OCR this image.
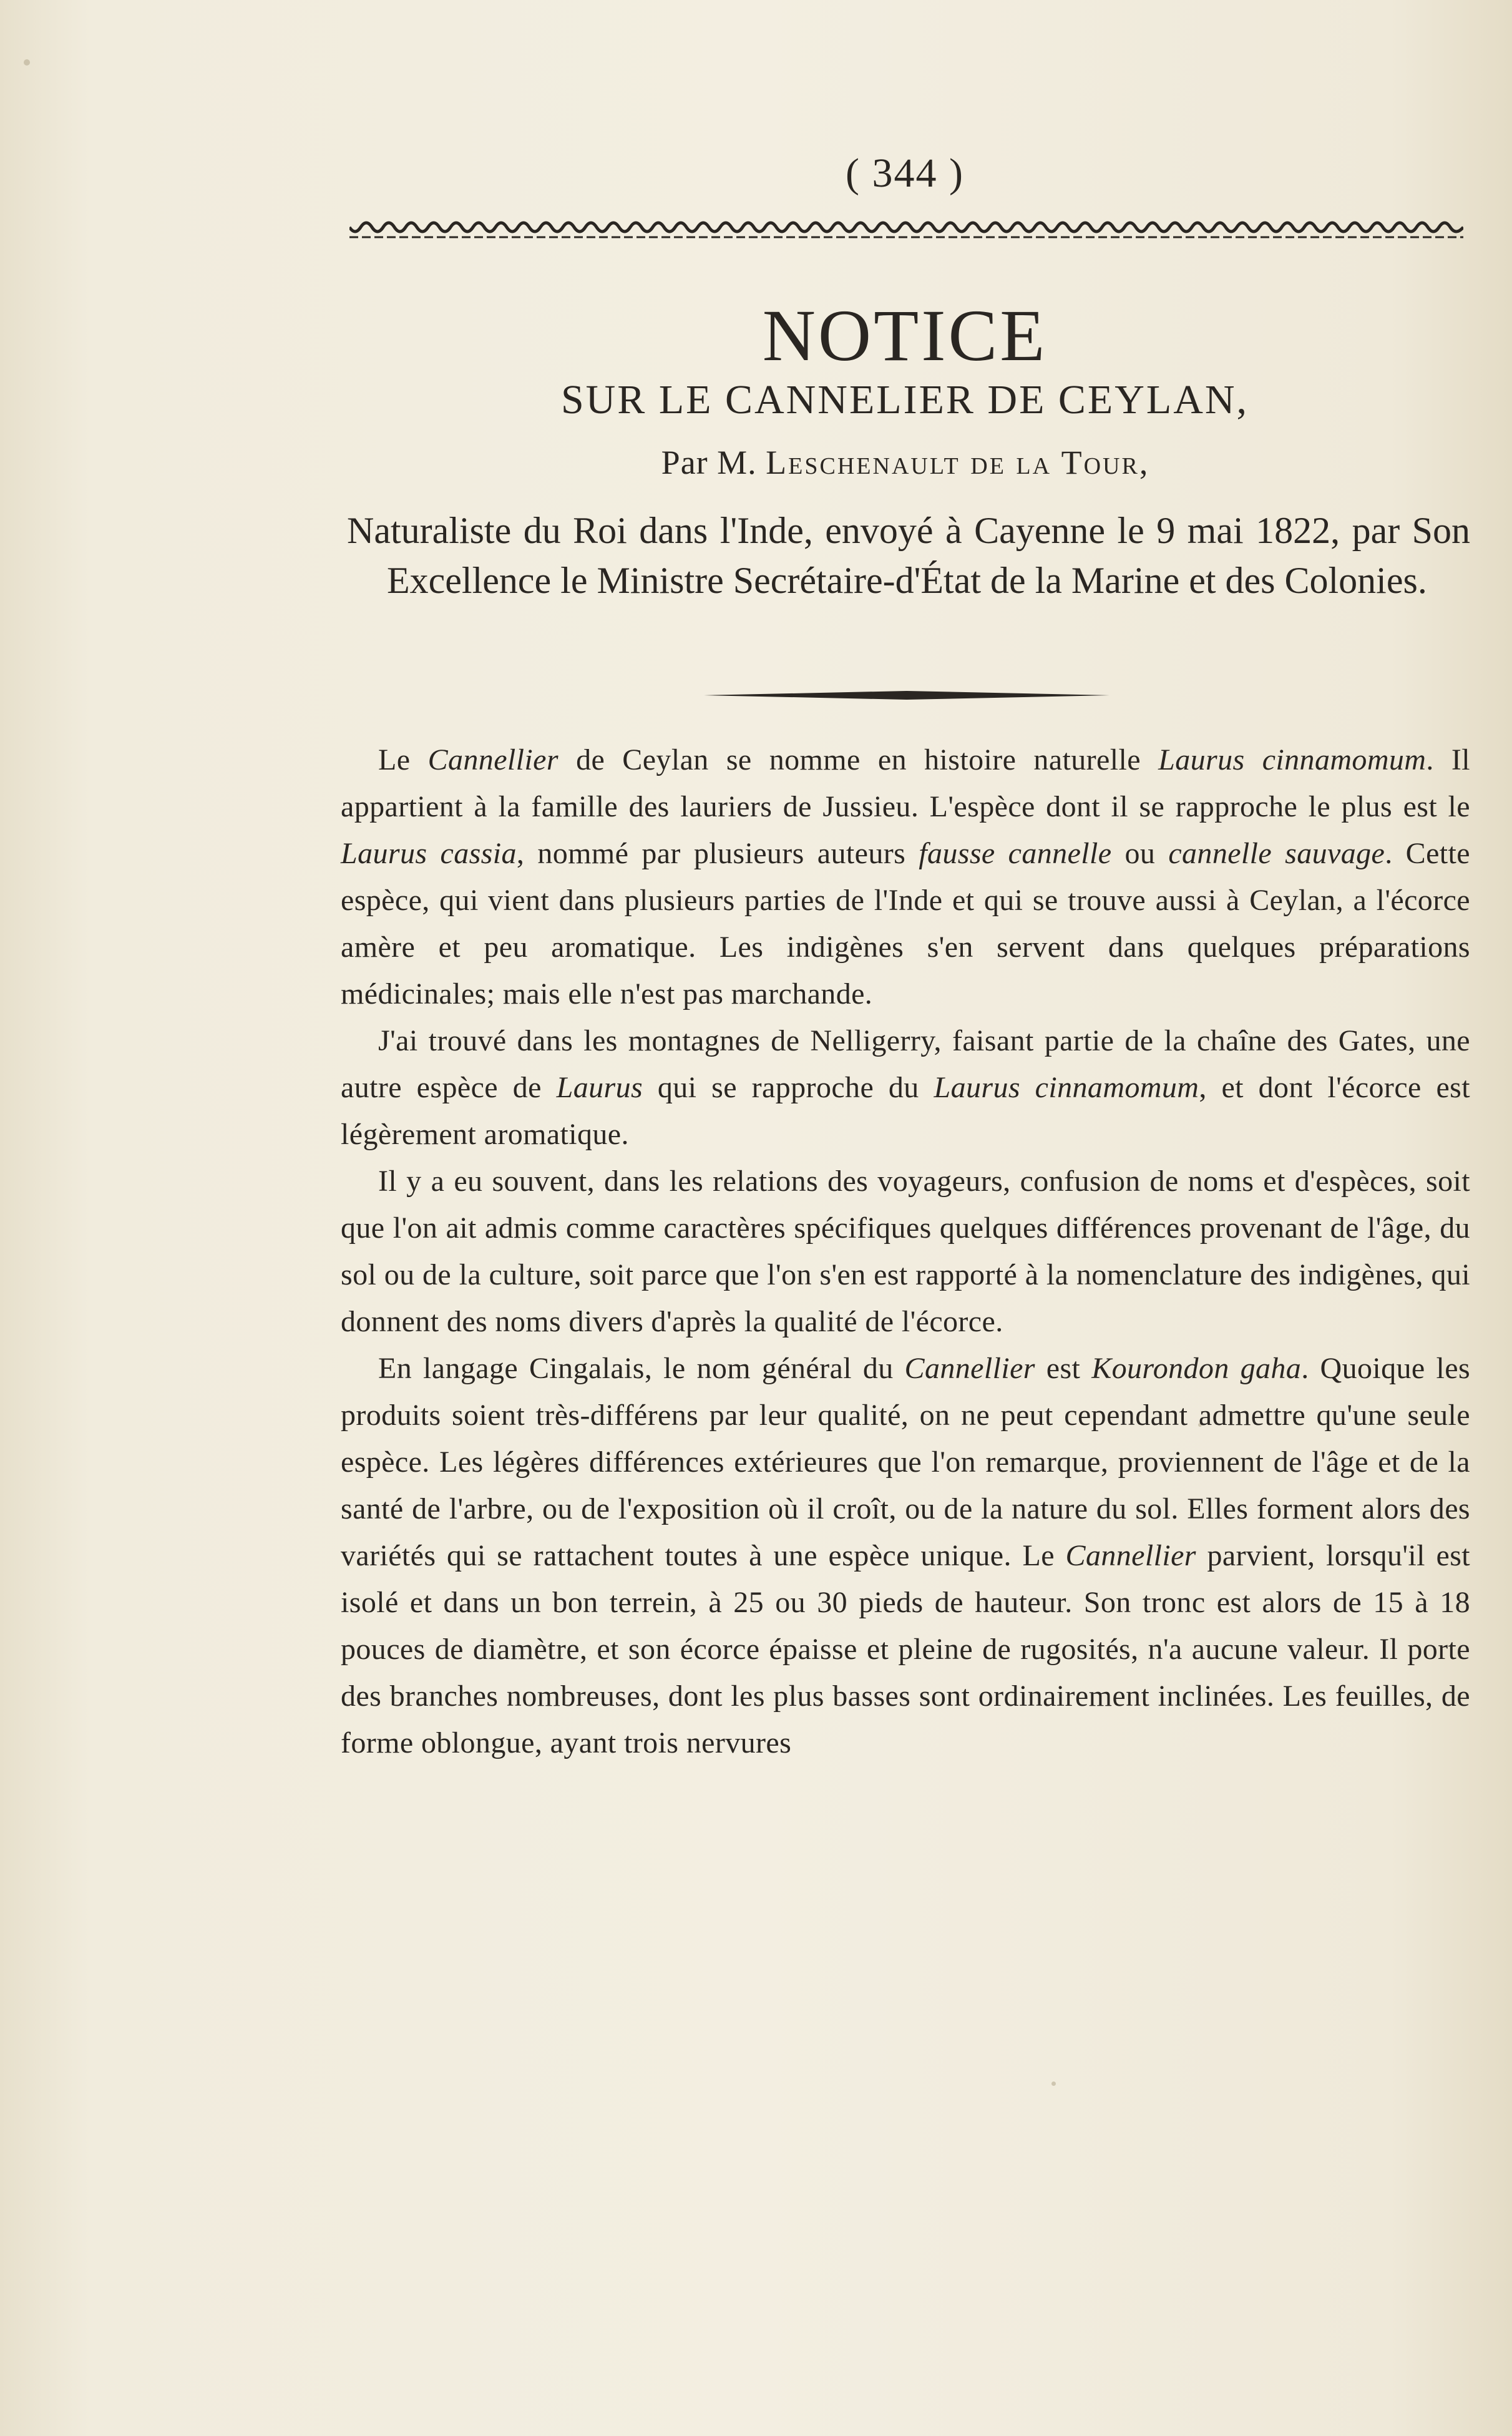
( 344 )
NOTICE
SUR LE CANNELIER DE CEYLAN,
Par M. Leschenault de la Tour,
Naturaliste du Roi dans l'Inde, envoyé à Cayenne le 9 mai 1822, par Son Excellence le Ministre Secrétaire-d'État de la Marine et des Colonies.

Le Cannellier de Ceylan se nomme en histoire naturelle Laurus cinnamomum. Il appartient à la famille des lauriers de Jussieu. L'espèce dont il se rapproche le plus est le Laurus cassia, nommé par plusieurs auteurs fausse cannelle ou cannelle sauvage. Cette espèce, qui vient dans plusieurs parties de l'Inde et qui se trouve aussi à Ceylan, a l'écorce amère et peu aromatique. Les indigènes s'en servent dans quelques préparations médicinales; mais elle n'est pas marchande.

J'ai trouvé dans les montagnes de Nelligerry, faisant partie de la chaîne des Gates, une autre espèce de Laurus qui se rapproche du Laurus cinnamomum, et dont l'écorce est légèrement aromatique.

Il y a eu souvent, dans les relations des voyageurs, confusion de noms et d'espèces, soit que l'on ait admis comme caractères spécifiques quelques différences provenant de l'âge, du sol ou de la culture, soit parce que l'on s'en est rapporté à la nomenclature des indigènes, qui donnent des noms divers d'après la qualité de l'écorce.

En langage Cingalais, le nom général du Cannellier est Kourondon gaha. Quoique les produits soient très-différens par leur qualité, on ne peut cependant admettre qu'une seule espèce. Les légères différences extérieures que l'on remarque, proviennent de l'âge et de la santé de l'arbre, ou de l'exposition où il croît, ou de la nature du sol. Elles forment alors des variétés qui se rattachent toutes à une espèce unique. Le Cannellier parvient, lorsqu'il est isolé et dans un bon terrein, à 25 ou 30 pieds de hauteur. Son tronc est alors de 15 à 18 pouces de diamètre, et son écorce épaisse et pleine de rugosités, n'a aucune valeur. Il porte des branches nombreuses, dont les plus basses sont ordinairement inclinées. Les feuilles, de forme oblongue, ayant trois nervures
